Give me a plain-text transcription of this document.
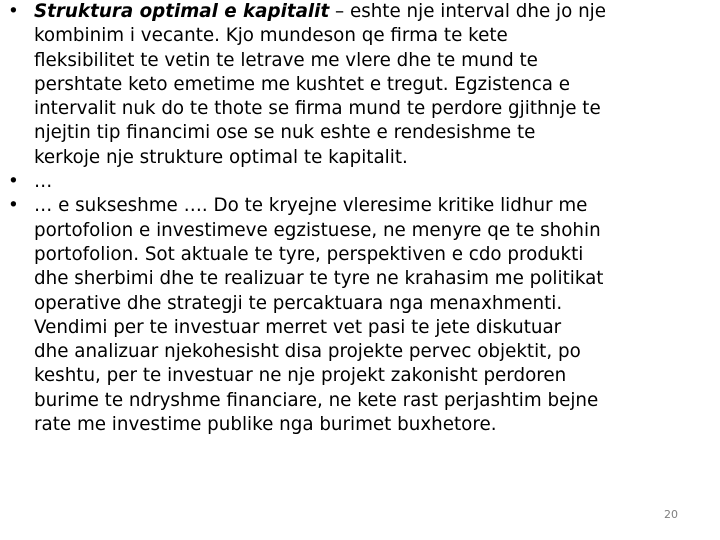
• Struktura optimal e kapitalit – eshte nje interval dhe jo nje
kombinim i vecante. Kjo mundeson qe firma te kete
fleksibilitet te vetin te letrave me vlere dhe te mund te
pershtate keto emetime me kushtet e tregut. Egzistenca e
intervalit nuk do te thote se firma mund te perdore gjithnje te
njejtin tip financimi ose se nuk eshte e rendesishme te
kerkoje nje strukture optimal te kapitalit.
• …
• … e sukseshme …. Do te kryejne vleresime kritike lidhur me
portofolion e investimeve egzistuese, ne menyre qe te shohin
portofolion. Sot aktuale te tyre, perspektiven e cdo produkti
dhe sherbimi dhe te realizuar te tyre ne krahasim me politikat
operative dhe strategji te percaktuara nga menaxhmenti.
Vendimi per te investuar merret vet pasi te jete diskutuar
dhe analizuar njekohesisht disa projekte pervec objektit, po
keshtu, per te investuar ne nje projekt zakonisht perdoren
burime te ndryshme financiare, ne kete rast perjashtim bejne
rate me investime publike nga burimet buxhetore.
20
